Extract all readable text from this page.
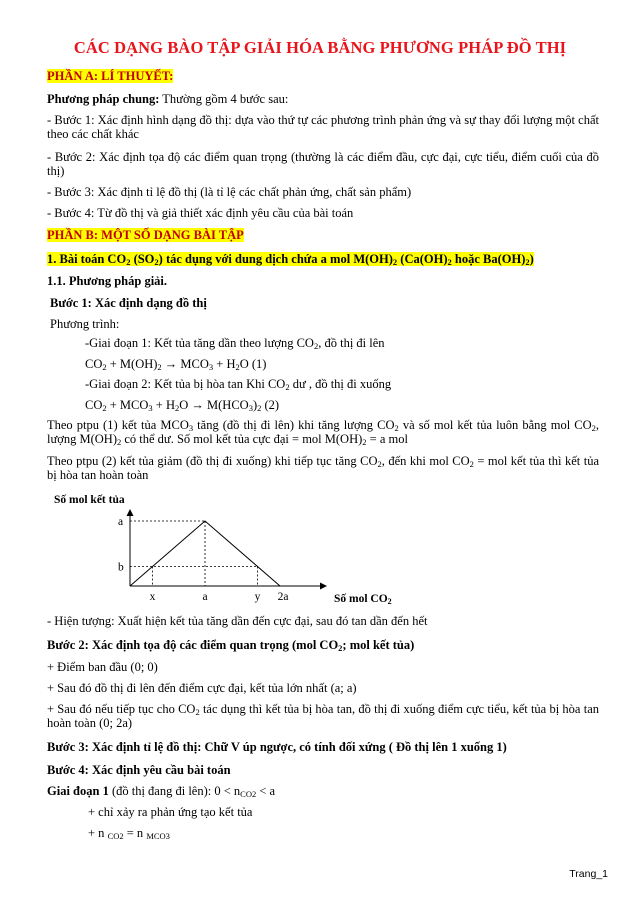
CÁC DẠNG BÀO TẬP GIẢI HÓA BẰNG PHƯƠNG PHÁP ĐỒ THỊ
PHẦN A: LÍ THUYẾT:
Phương pháp chung: Thường gồm 4 bước sau:
- Bước 1: Xác định hình dạng đồ thị: dựa vào thứ tự các phương trình phản ứng và sự thay đổi lượng một chất theo các chất khác
- Bước 2: Xác định tọa độ các điểm quan trọng (thường là các điểm đầu, cực đại, cực tiểu, điểm cuối của đồ thị)
- Bước 3: Xác định tỉ lệ đồ thị (là tỉ lệ các chất phản ứng, chất sản phẩm)
- Bước 4: Từ đồ thị và giả thiết xác định yêu cầu của bài toán
PHẦN B: MỘT SỐ DẠNG BÀI TẬP
1. Bài toán $CO_2$ $(SO_2)$ tác dụng với dung dịch chứa a mol $M(OH)_2$ ($Ca(OH)_2$ hoặc $Ba(OH)_2$)
1.1. Phương pháp giải.
Bước 1: Xác định dạng đồ thị
Phương trình:
-Giai đoạn 1: Kết tủa tăng dần theo lượng $CO_2$, đồ thị đi lên
$CO_2 + M(OH)_2 \to MCO_3 + H_2O$ (1)
-Giai đoạn 2: Kết tủa bị hòa tan Khi $CO_2$ dư , đồ thị đi xuống
$CO_2 + MCO_3 + H_2O \to M(HCO_3)_2$ (2)
Theo ptpu (1) kết tủa $MCO_3$ tăng (đồ thị đi lên) khi tăng lượng $CO_2$ và số mol kết tủa luôn bằng mol $CO_2$, lượng $M(OH)_2$ có thể dư. Số mol kết tủa cực đại = mol $M(OH)_2 = a$ mol
Theo ptpu (2) kết tủa giảm (đồ thị đi xuống) khi tiếp tục tăng $CO_2$, đến khi mol $CO_2$ = mol kết tủa thì kết tủa bị hòa tan hoàn toàn
Số mol kết tủa
a
b
x	a	y 2a	Số mol CO2
- Hiện tượng: Xuất hiện kết tủa tăng dần đến cực đại, sau đó tan dần đến hết
Bước 2: Xác định tọa độ các điểm quan trọng (mol $CO_2$; mol kết tủa)
+ Điểm ban đầu (0; 0)
+ Sau đó đồ thị đi lên đến điểm cực đại, kết tủa lớn nhất (a; a)
+ Sau đó nếu tiếp tục cho $CO_2$ tác dụng thì kết tủa bị hòa tan, đồ thị đi xuống điểm cực tiểu, kết tủa bị hòa tan hoàn toàn (0; 2a)
Bước 3: Xác định tỉ lệ đồ thị: Chữ V úp ngược, có tính đối xứng ( Đồ thị lên 1 xuống 1)
Bước 4: Xác định yêu cầu bài toán
Giai đoạn 1 (đồ thị đang đi lên): $0 < n_{CO2} < a$
+ chỉ xảy ra phản ứng tạo kết tủa
+ n $_{CO2}$ = n $_{MCO3}$
Trang_1
